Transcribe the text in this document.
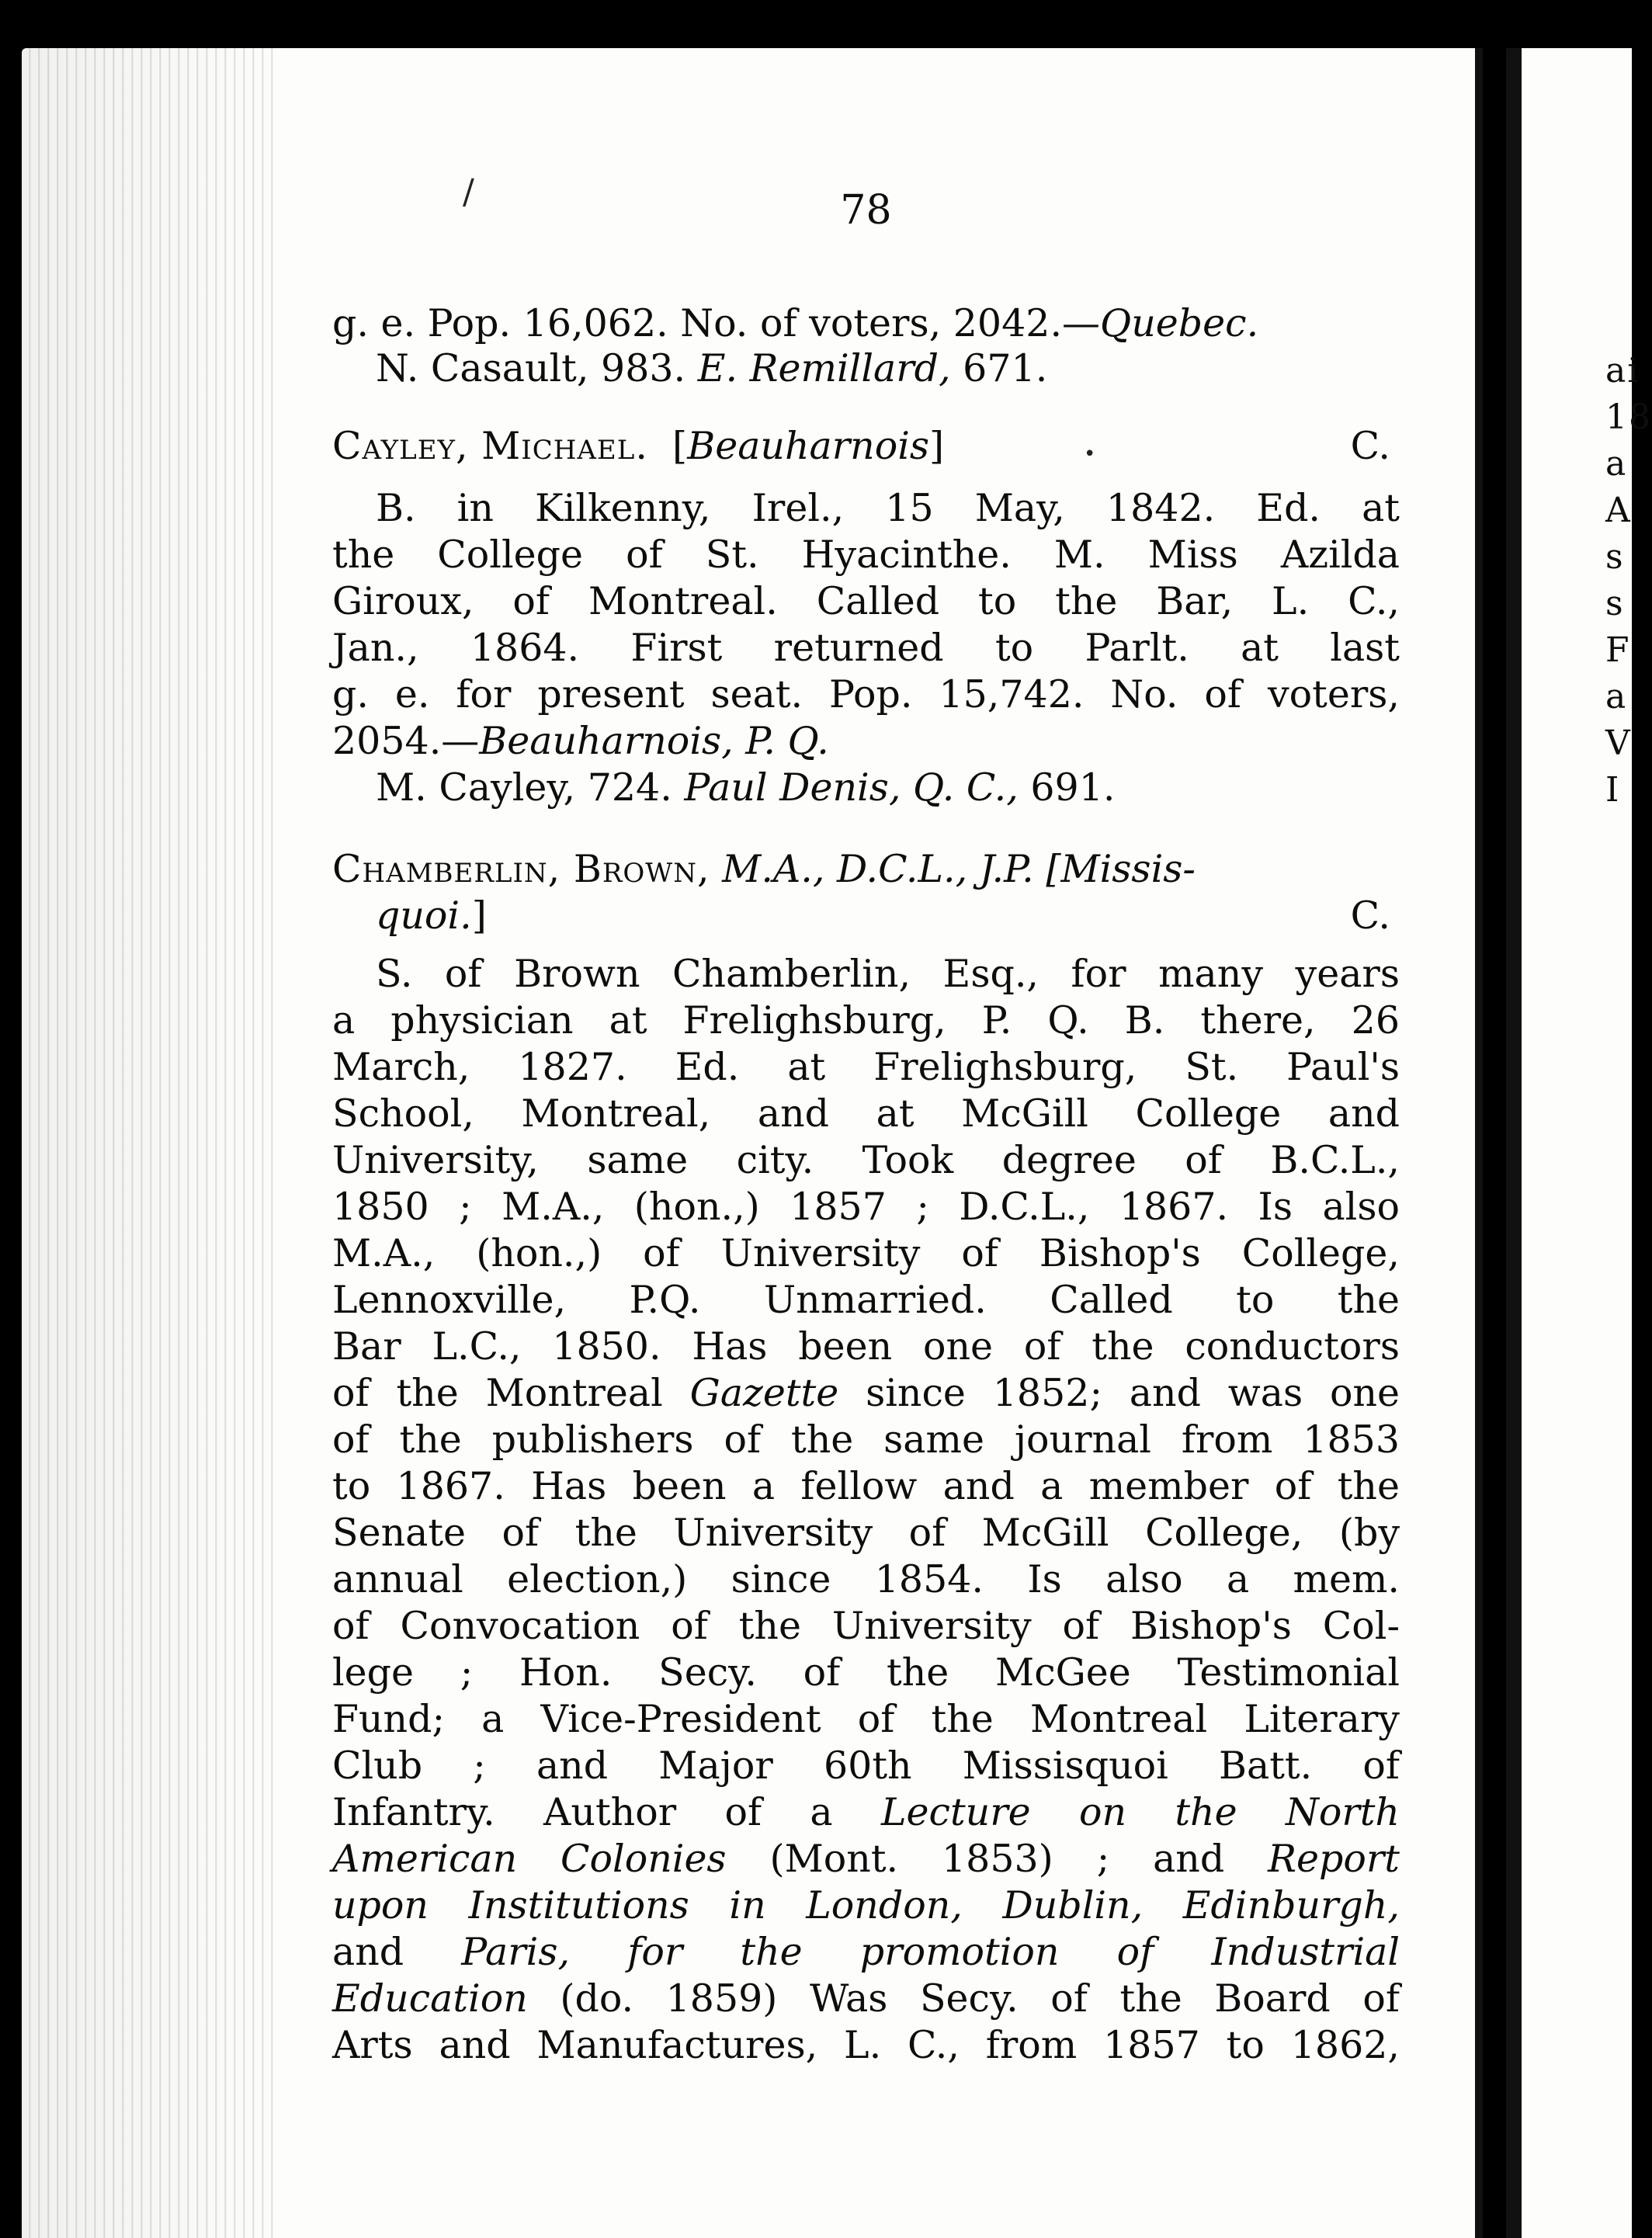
/
•
ai
18
a
A
s
s
F
a
V
I
78
g. e. Pop. 16,062. No. of voters, 2042.—Quebec.
N. Casault, 983. E. Remillard, 671.
Cayley, Michael.  [Beauharnois]	C.
B. in Kilkenny, Irel., 15 May, 1842. Ed. at
the College of St. Hyacinthe. M. Miss Azilda
Giroux, of Montreal. Called to the Bar, L. C.,
Jan., 1864. First returned to Parlt. at last
g. e. for present seat. Pop. 15,742. No. of voters,
2054.—Beauharnois, P. Q.
M. Cayley, 724. Paul Denis, Q. C., 691.
Chamberlin, Brown, M.A., D.C.L., J.P. [Missis-
quoi.]	C.
S. of Brown Chamberlin, Esq., for many years
a physician at Frelighsburg, P. Q. B. there, 26
March, 1827. Ed. at Frelighsburg, St. Paul's
School, Montreal, and at McGill College and
University, same city. Took degree of B.C.L.,
1850 ; M.A., (hon.,) 1857 ; D.C.L., 1867. Is also
M.A., (hon.,) of University of Bishop's College,
Lennoxville, P.Q. Unmarried. Called to the
Bar L.C., 1850. Has been one of the conductors
of the Montreal Gazette since 1852; and was one
of the publishers of the same journal from 1853
to 1867. Has been a fellow and a member of the
Senate of the University of McGill College, (by
annual election,) since 1854. Is also a mem.
of Convocation of the University of Bishop's Col-
lege ; Hon. Secy. of the McGee Testimonial
Fund; a Vice-President of the Montreal Literary
Club ; and Major 60th Missisquoi Batt. of
Infantry. Author of a Lecture on the North
American Colonies (Mont. 1853) ; and Report
upon Institutions in London, Dublin, Edinburgh,
and Paris, for the promotion of Industrial
Education (do. 1859) Was Secy. of the Board of
Arts and Manufactures, L. C., from 1857 to 1862,
